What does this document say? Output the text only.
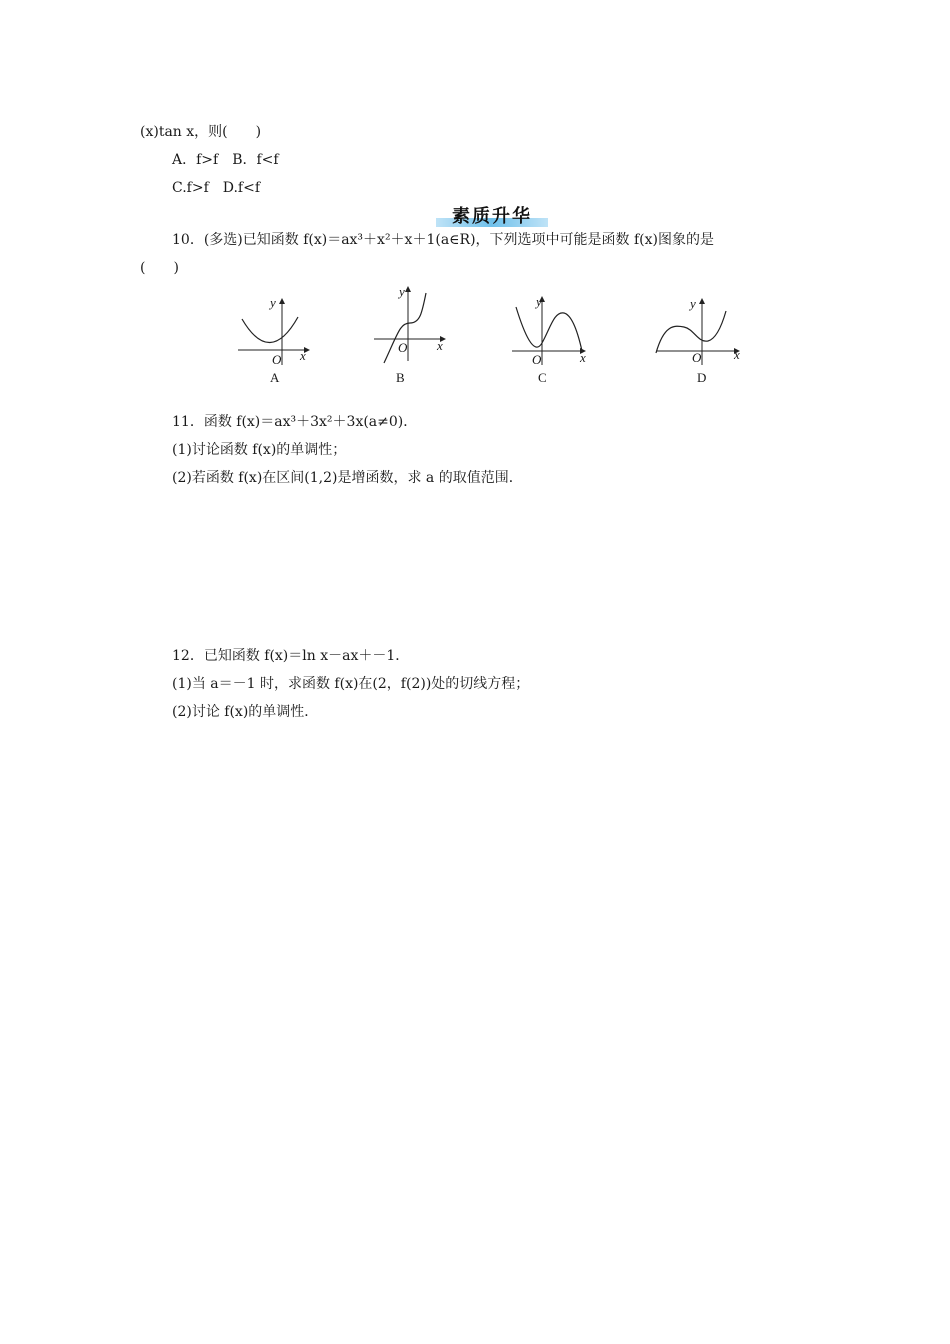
(x)tan x，则(　　)
A．f>f　B．f<f
C.f>f　D.f<f
素质升华
10．(多选)已知函数 f(x)＝ax³＋x²＋x＋1(a∈R)，下列选项中可能是函数 f(x)图象的是
(　　)
y
x
O
A
y
x
O
B
y
x
O
C
y
x
O
D
11．函数 f(x)＝ax³＋3x²＋3x(a≠0)．
(1)讨论函数 f(x)的单调性；
(2)若函数 f(x)在区间(1,2)是增函数，求 a 的取值范围．
12．已知函数 f(x)＝ln x－ax＋－1．
(1)当 a＝－1 时，求函数 f(x)在(2，f(2))处的切线方程；
(2)讨论 f(x)的单调性．
